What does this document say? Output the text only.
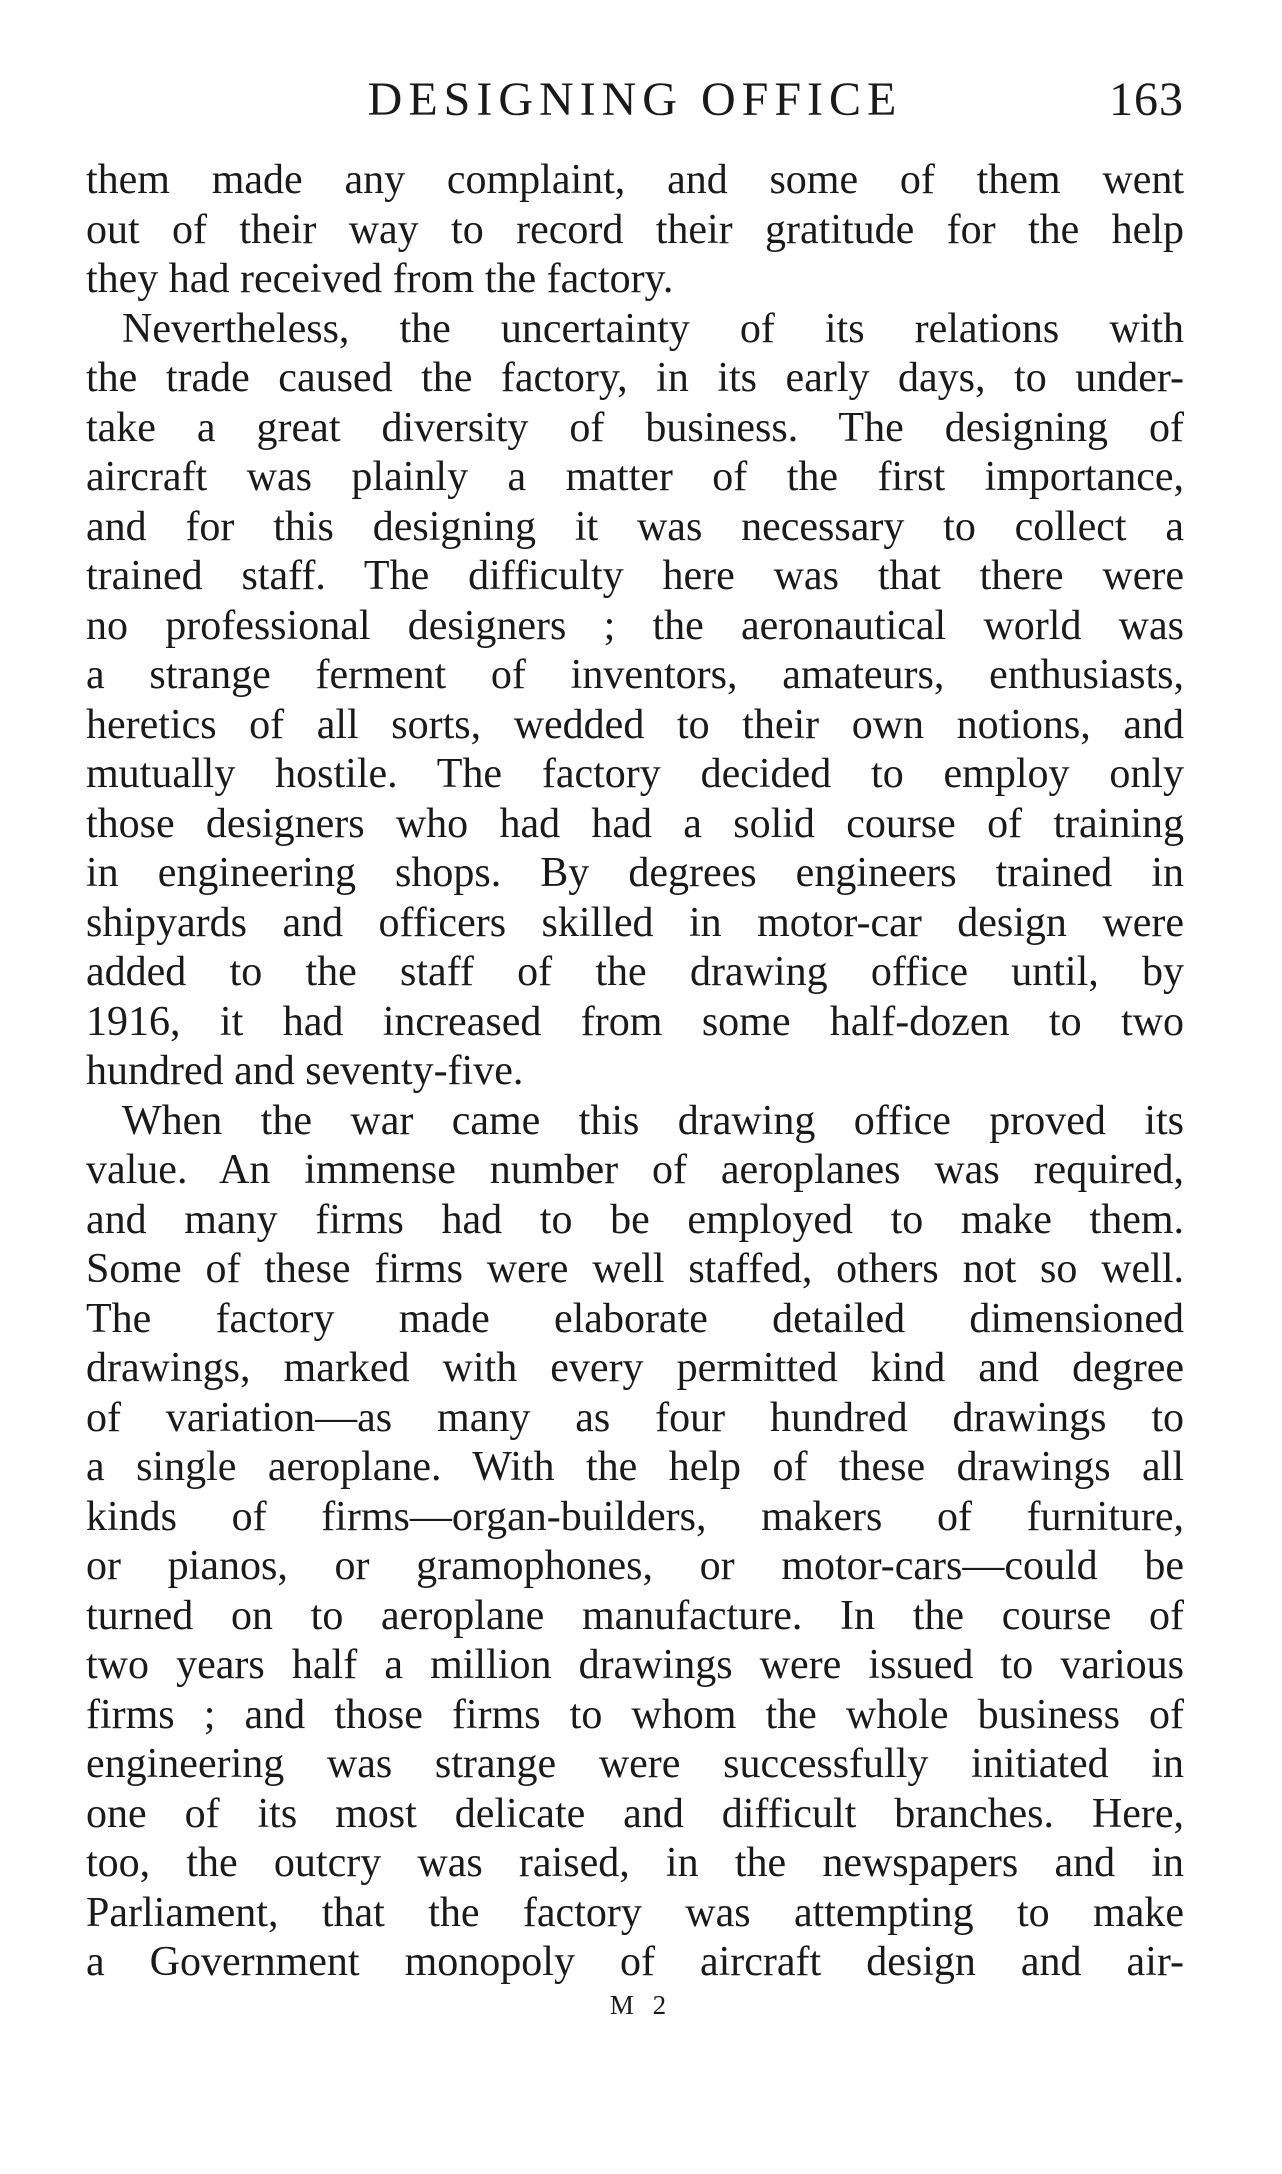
DESIGNING OFFICE	163
them made any complaint, and some of them went
out of their way to record their gratitude for the help
they had received from the factory.
Nevertheless, the uncertainty of its relations with
the trade caused the factory, in its early days, to under-
take a great diversity of business. The designing of
aircraft was plainly a matter of the first importance,
and for this designing it was necessary to collect a
trained staff. The difficulty here was that there were
no professional designers ; the aeronautical world was
a strange ferment of inventors, amateurs, enthusiasts,
heretics of all sorts, wedded to their own notions, and
mutually hostile. The factory decided to employ only
those designers who had had a solid course of training
in engineering shops. By degrees engineers trained in
shipyards and officers skilled in motor-car design were
added to the staff of the drawing office until, by
1916, it had increased from some half-dozen to two
hundred and seventy-five.
When the war came this drawing office proved its
value. An immense number of aeroplanes was required,
and many firms had to be employed to make them.
Some of these firms were well staffed, others not so well.
The factory made elaborate detailed dimensioned
drawings, marked with every permitted kind and degree
of variation—as many as four hundred drawings to
a single aeroplane. With the help of these drawings all
kinds of firms—organ-builders, makers of furniture,
or pianos, or gramophones, or motor-cars—could be
turned on to aeroplane manufacture. In the course of
two years half a million drawings were issued to various
firms ; and those firms to whom the whole business of
engineering was strange were successfully initiated in
one of its most delicate and difficult branches. Here,
too, the outcry was raised, in the newspapers and in
Parliament, that the factory was attempting to make
a Government monopoly of aircraft design and air-
M 2
